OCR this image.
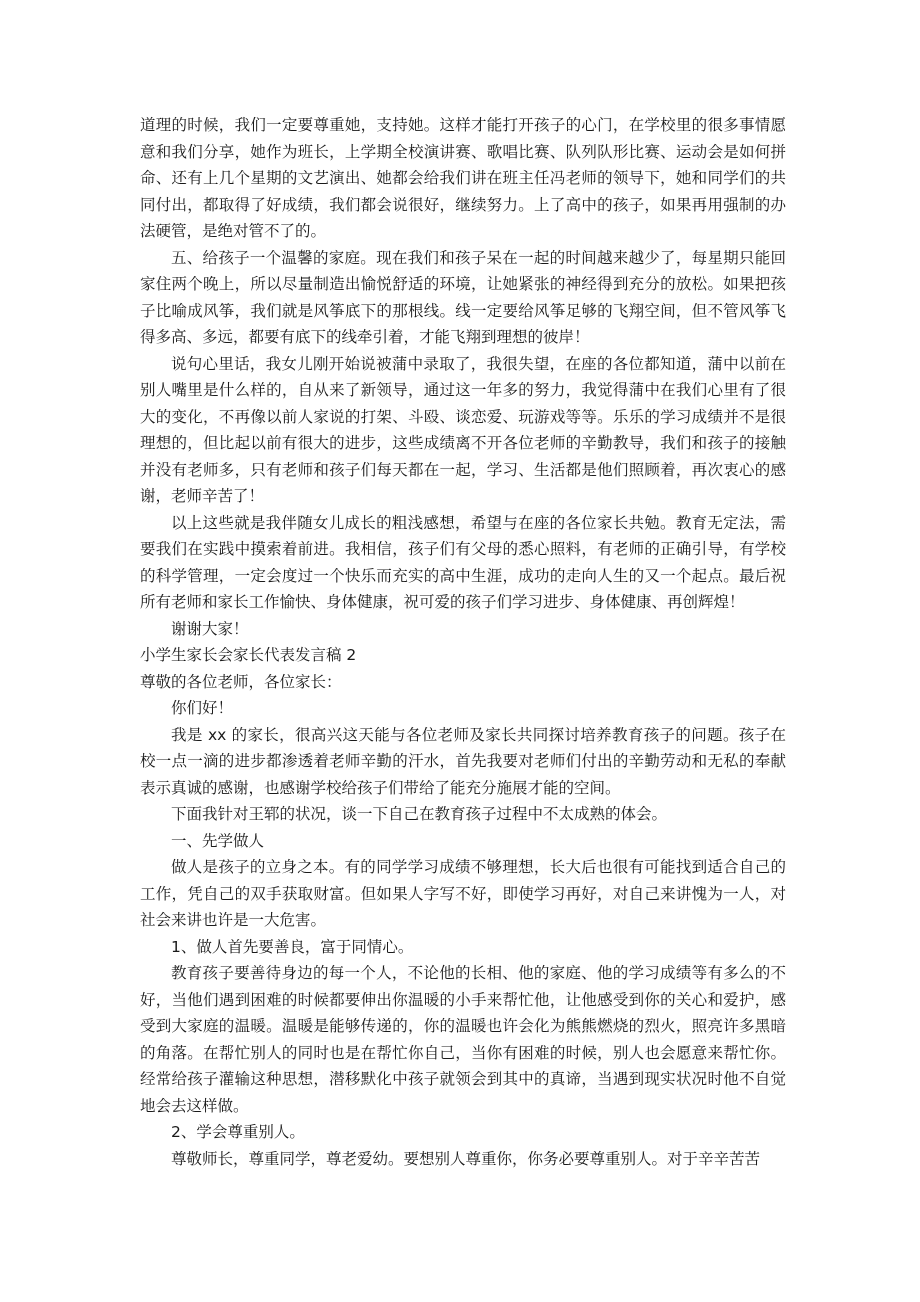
道理的时候，我们一定要尊重她，支持她。这样才能打开孩子的心门，在学校里的很多事情愿意和我们分享，她作为班长，上学期全校演讲赛、歌唱比赛、队列队形比赛、运动会是如何拼命、还有上几个星期的文艺演出、她都会给我们讲在班主任冯老师的领导下，她和同学们的共同付出，都取得了好成绩，我们都会说很好，继续努力。上了高中的孩子，如果再用强制的办法硬管，是绝对管不了的。

五、给孩子一个温馨的家庭。现在我们和孩子呆在一起的时间越来越少了，每星期只能回家住两个晚上，所以尽量制造出愉悦舒适的环境，让她紧张的神经得到充分的放松。如果把孩子比喻成风筝，我们就是风筝底下的那根线。线一定要给风筝足够的飞翔空间，但不管风筝飞得多高、多远，都要有底下的线牵引着，才能飞翔到理想的彼岸！

说句心里话，我女儿刚开始说被蒲中录取了，我很失望，在座的各位都知道，蒲中以前在别人嘴里是什么样的，自从来了新领导，通过这一年多的努力，我觉得蒲中在我们心里有了很大的变化，不再像以前人家说的打架、斗殴、谈恋爱、玩游戏等等。乐乐的学习成绩并不是很理想的，但比起以前有很大的进步，这些成绩离不开各位老师的辛勤教导，我们和孩子的接触并没有老师多，只有老师和孩子们每天都在一起，学习、生活都是他们照顾着，再次衷心的感谢，老师辛苦了！

以上这些就是我伴随女儿成长的粗浅感想，希望与在座的各位家长共勉。教育无定法，需要我们在实践中摸索着前进。我相信，孩子们有父母的悉心照料，有老师的正确引导，有学校的科学管理，一定会度过一个快乐而充实的高中生涯，成功的走向人生的又一个起点。最后祝所有老师和家长工作愉快、身体健康，祝可爱的孩子们学习进步、身体健康、再创辉煌！

谢谢大家！

小学生家长会家长代表发言稿 2

尊敬的各位老师，各位家长：

你们好！

我是 xx 的家长，很高兴这天能与各位老师及家长共同探讨培养教育孩子的问题。孩子在校一点一滴的进步都渗透着老师辛勤的汗水，首先我要对老师们付出的辛勤劳动和无私的奉献表示真诚的感谢，也感谢学校给孩子们带给了能充分施展才能的空间。

下面我针对王郓的状况，谈一下自己在教育孩子过程中不太成熟的体会。

一、先学做人

做人是孩子的立身之本。有的同学学习成绩不够理想，长大后也很有可能找到适合自己的工作，凭自己的双手获取财富。但如果人字写不好，即使学习再好，对自己来讲愧为一人，对社会来讲也许是一大危害。

1、做人首先要善良，富于同情心。

教育孩子要善待身边的每一个人，不论他的长相、他的家庭、他的学习成绩等有多么的不好，当他们遇到困难的时候都要伸出你温暖的小手来帮忙他，让他感受到你的关心和爱护，感受到大家庭的温暖。温暖是能够传递的，你的温暖也许会化为熊熊燃烧的烈火，照亮许多黑暗的角落。在帮忙别人的同时也是在帮忙你自己，当你有困难的时候，别人也会愿意来帮忙你。经常给孩子灌输这种思想，潜移默化中孩子就领会到其中的真谛，当遇到现实状况时他不自觉地会去这样做。

2、学会尊重别人。

尊敬师长，尊重同学，尊老爱幼。要想别人尊重你，你务必要尊重别人。对于辛辛苦苦
